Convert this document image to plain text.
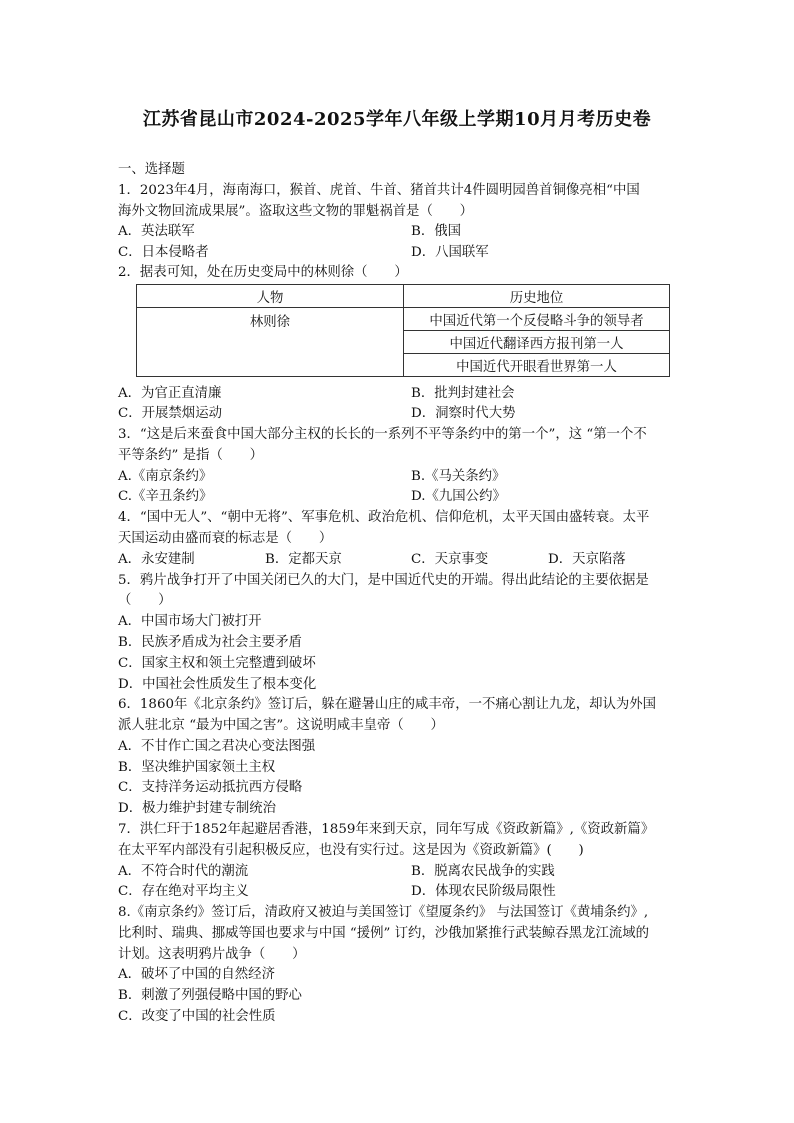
江苏省昆山市2024-2025学年八年级上学期10月月考历史卷
一、选择题
1．2023年4月，海南海口，猴首、虎首、牛首、猪首共计4件圆明园兽首铜像亮相“中国
海外文物回流成果展”。盗取这些文物的罪魁祸首是（　　）
A．英法联军	B．俄国
C．日本侵略者	D．八国联军
2．据表可知，处在历史变局中的林则徐（　　）
人物	历史地位
林则徐	中国近代第一个反侵略斗争的领导者
	中国近代翻译西方报刊第一人
	中国近代开眼看世界第一人
A．为官正直清廉	B．批判封建社会
C．开展禁烟运动	D．洞察时代大势
3．“这是后来蚕食中国大部分主权的长长的一系列不平等条约中的第一个”，这 “第一个不
平等条约” 是指（　　）
A.《南京条约》	B.《马关条约》
C.《辛丑条约》	D.《九国公约》
4．“国中无人”、“朝中无将”、军事危机、政治危机、信仰危机，太平天国由盛转衰。太平
天国运动由盛而衰的标志是（　　）
A．永安建制	B．定都天京	C．天京事变	D．天京陷落
5．鸦片战争打开了中国关闭已久的大门，是中国近代史的开端。得出此结论的主要依据是
（　　）
A．中国市场大门被打开
B．民族矛盾成为社会主要矛盾
C．国家主权和领土完整遭到破坏
D．中国社会性质发生了根本变化
6．1860年《北京条约》签订后，躲在避暑山庄的咸丰帝，一不痛心割让九龙，却认为外国
派人驻北京 “最为中国之害”。这说明咸丰皇帝（　　）
A．不甘作亡国之君决心变法图强
B．坚决维护国家领土主权
C．支持洋务运动抵抗西方侵略
D．极力维护封建专制统治
7．洪仁玕于1852年起避居香港，1859年来到天京，同年写成《资政新篇》,《资政新篇》
在太平军内部没有引起积极反应，也没有实行过。这是因为《资政新篇》(　　)
A．不符合时代的潮流	B．脱离农民战争的实践
C．存在绝对平均主义	D．体现农民阶级局限性
8.《南京条约》签订后，清政府又被迫与美国签订《望厦条约》 与法国签订《黄埔条约》,
比利时、瑞典、挪威等国也要求与中国 “援例” 订约，沙俄加紧推行武装鲸吞黑龙江流域的
计划。这表明鸦片战争（　　）
A．破坏了中国的自然经济
B．刺激了列强侵略中国的野心
C．改变了中国的社会性质
